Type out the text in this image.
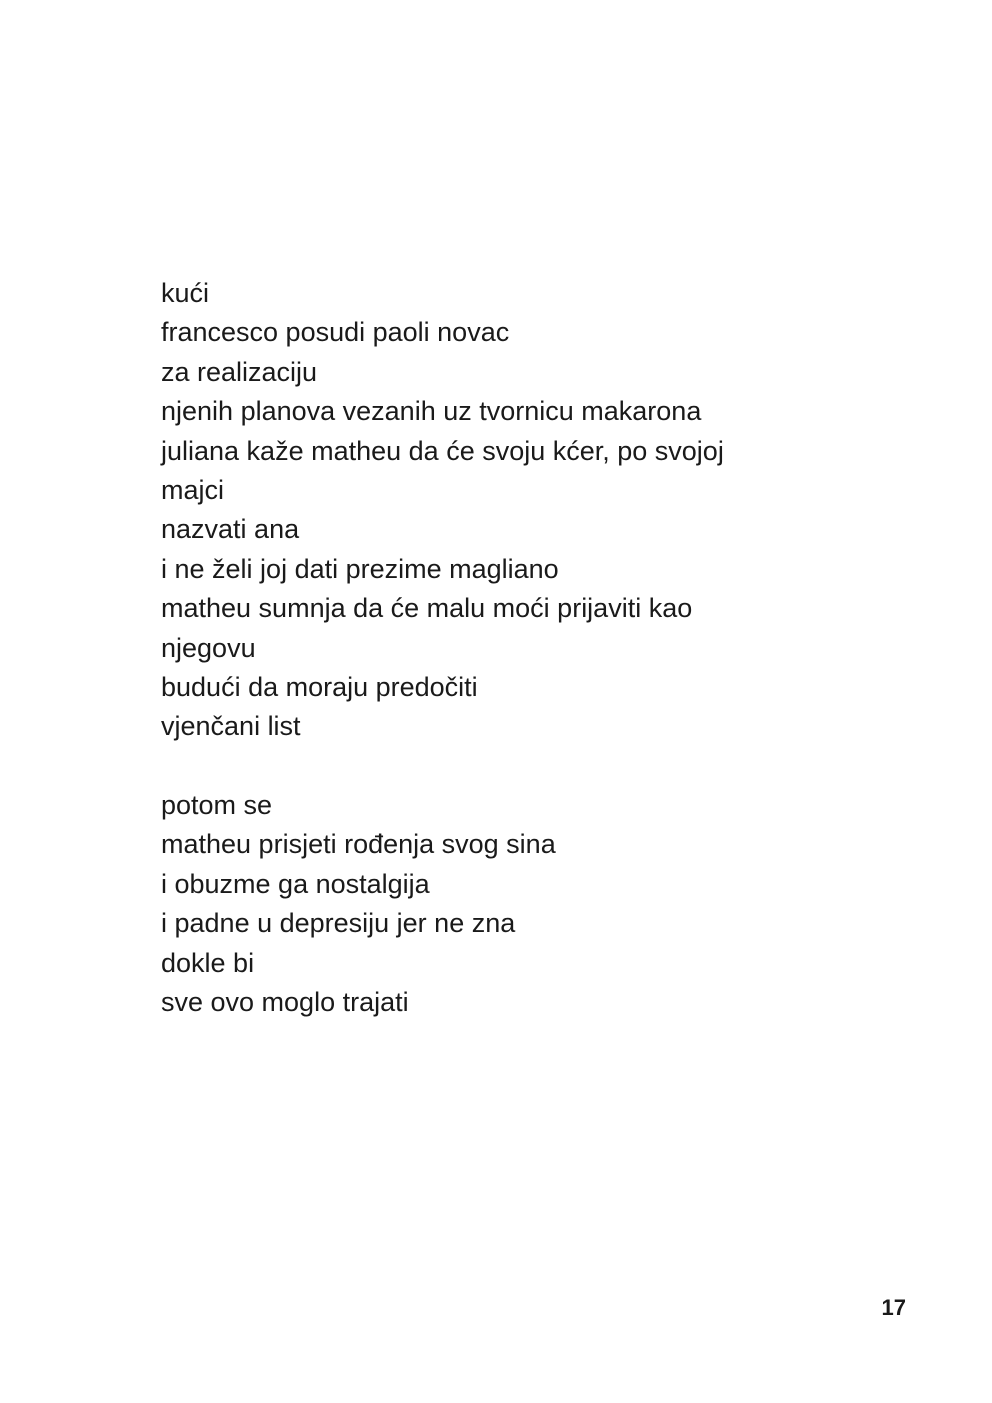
kući
francesco posudi paoli novac
za realizaciju
njenih planova vezanih uz tvornicu makarona
juliana kaže matheu da će svoju kćer, po svojoj
majci
nazvati ana
i ne želi joj dati prezime magliano
matheu sumnja da će malu moći prijaviti kao
njegovu
budući da moraju predočiti
vjenčani list
potom se
matheu prisjeti rođenja svog sina
i obuzme ga nostalgija
i padne u depresiju jer ne zna
dokle bi
sve ovo moglo trajati
17
